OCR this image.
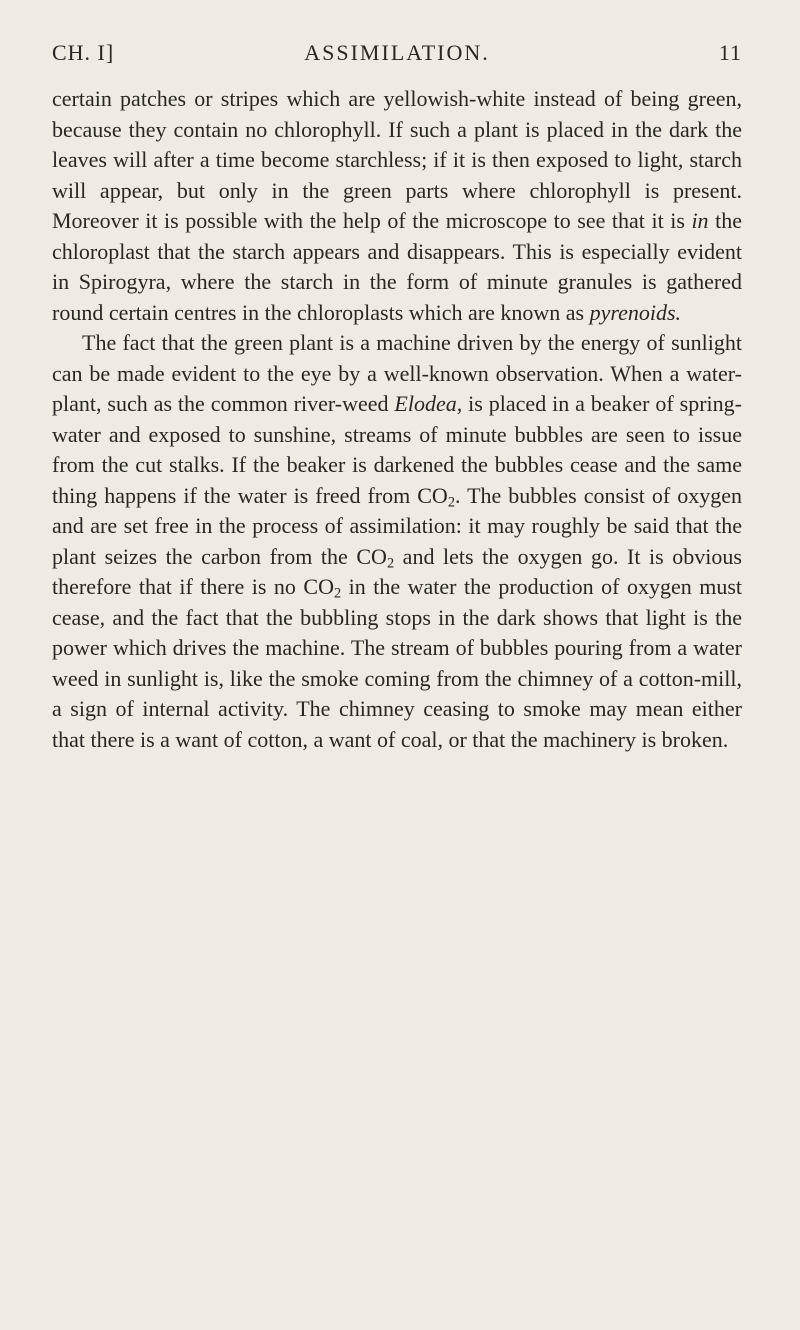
CH. I]	ASSIMILATION.	11

certain patches or stripes which are yellowish-white instead of being green, because they contain no chlorophyll. If such a plant is placed in the dark the leaves will after a time become starchless; if it is then exposed to light, starch will appear, but only in the green parts where chlorophyll is present. Moreover it is possible with the help of the microscope to see that it is in the chloroplast that the starch appears and disappears. This is especially evident in Spirogyra, where the starch in the form of minute granules is gathered round certain centres in the chloroplasts which are known as pyrenoids.

The fact that the green plant is a machine driven by the energy of sunlight can be made evident to the eye by a well-known observation. When a water-plant, such as the common river-weed Elodea, is placed in a beaker of spring-water and exposed to sunshine, streams of minute bubbles are seen to issue from the cut stalks. If the beaker is darkened the bubbles cease and the same thing happens if the water is freed from $CO_2$. The bubbles consist of oxygen and are set free in the process of assimilation: it may roughly be said that the plant seizes the carbon from the $CO_2$ and lets the oxygen go. It is obvious therefore that if there is no $CO_2$ in the water the production of oxygen must cease, and the fact that the bubbling stops in the dark shows that light is the power which drives the machine. The stream of bubbles pouring from a water weed in sunlight is, like the smoke coming from the chimney of a cotton-mill, a sign of internal activity. The chimney ceasing to smoke may mean either that there is a want of cotton, a want of coal, or that the machinery is broken.
